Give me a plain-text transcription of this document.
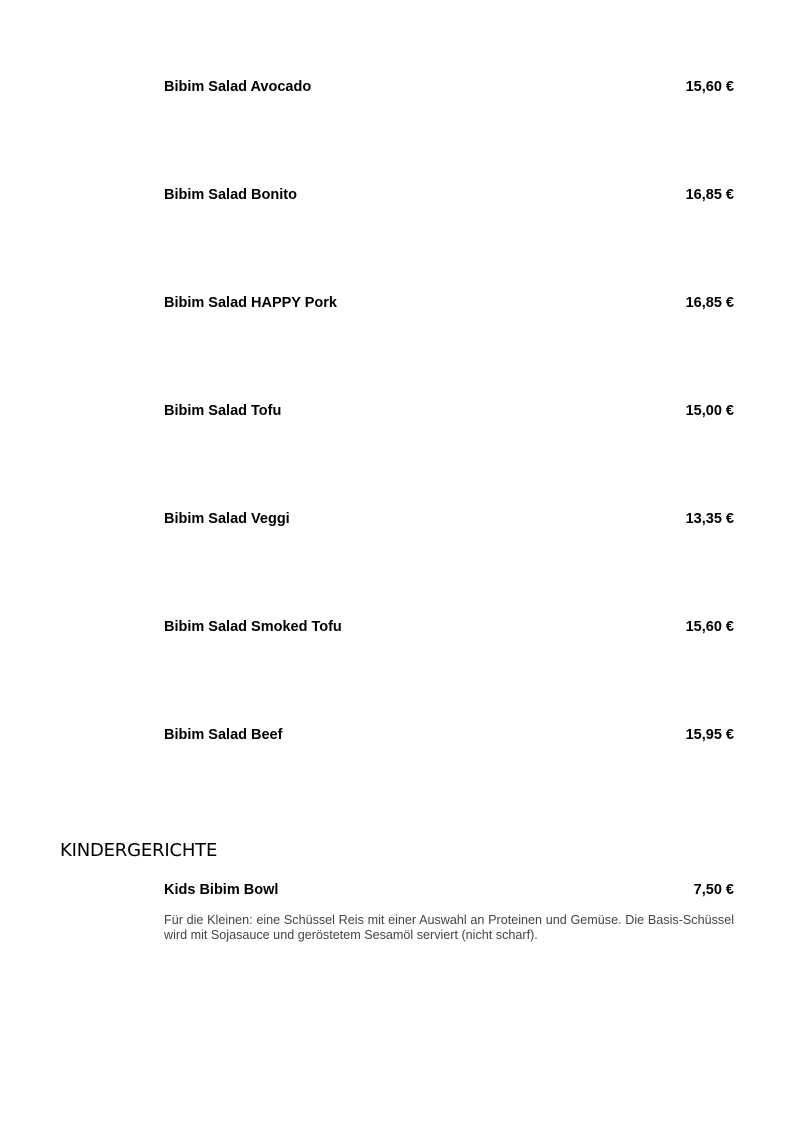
Bibim Salad Avocado	15,60 €
Bibim Salad Bonito	16,85 €
Bibim Salad HAPPY Pork	16,85 €
Bibim Salad Tofu	15,00 €
Bibim Salad Veggi	13,35 €
Bibim Salad Smoked Tofu	15,60 €
Bibim Salad Beef	15,95 €
KINDERGERICHTE
Kids Bibim Bowl	7,50 €
Für die Kleinen: eine Schüssel Reis mit einer Auswahl an Proteinen und Gemüse. Die Basis-Schüssel wird mit Sojasauce und geröstetem Sesamöl serviert (nicht scharf).
